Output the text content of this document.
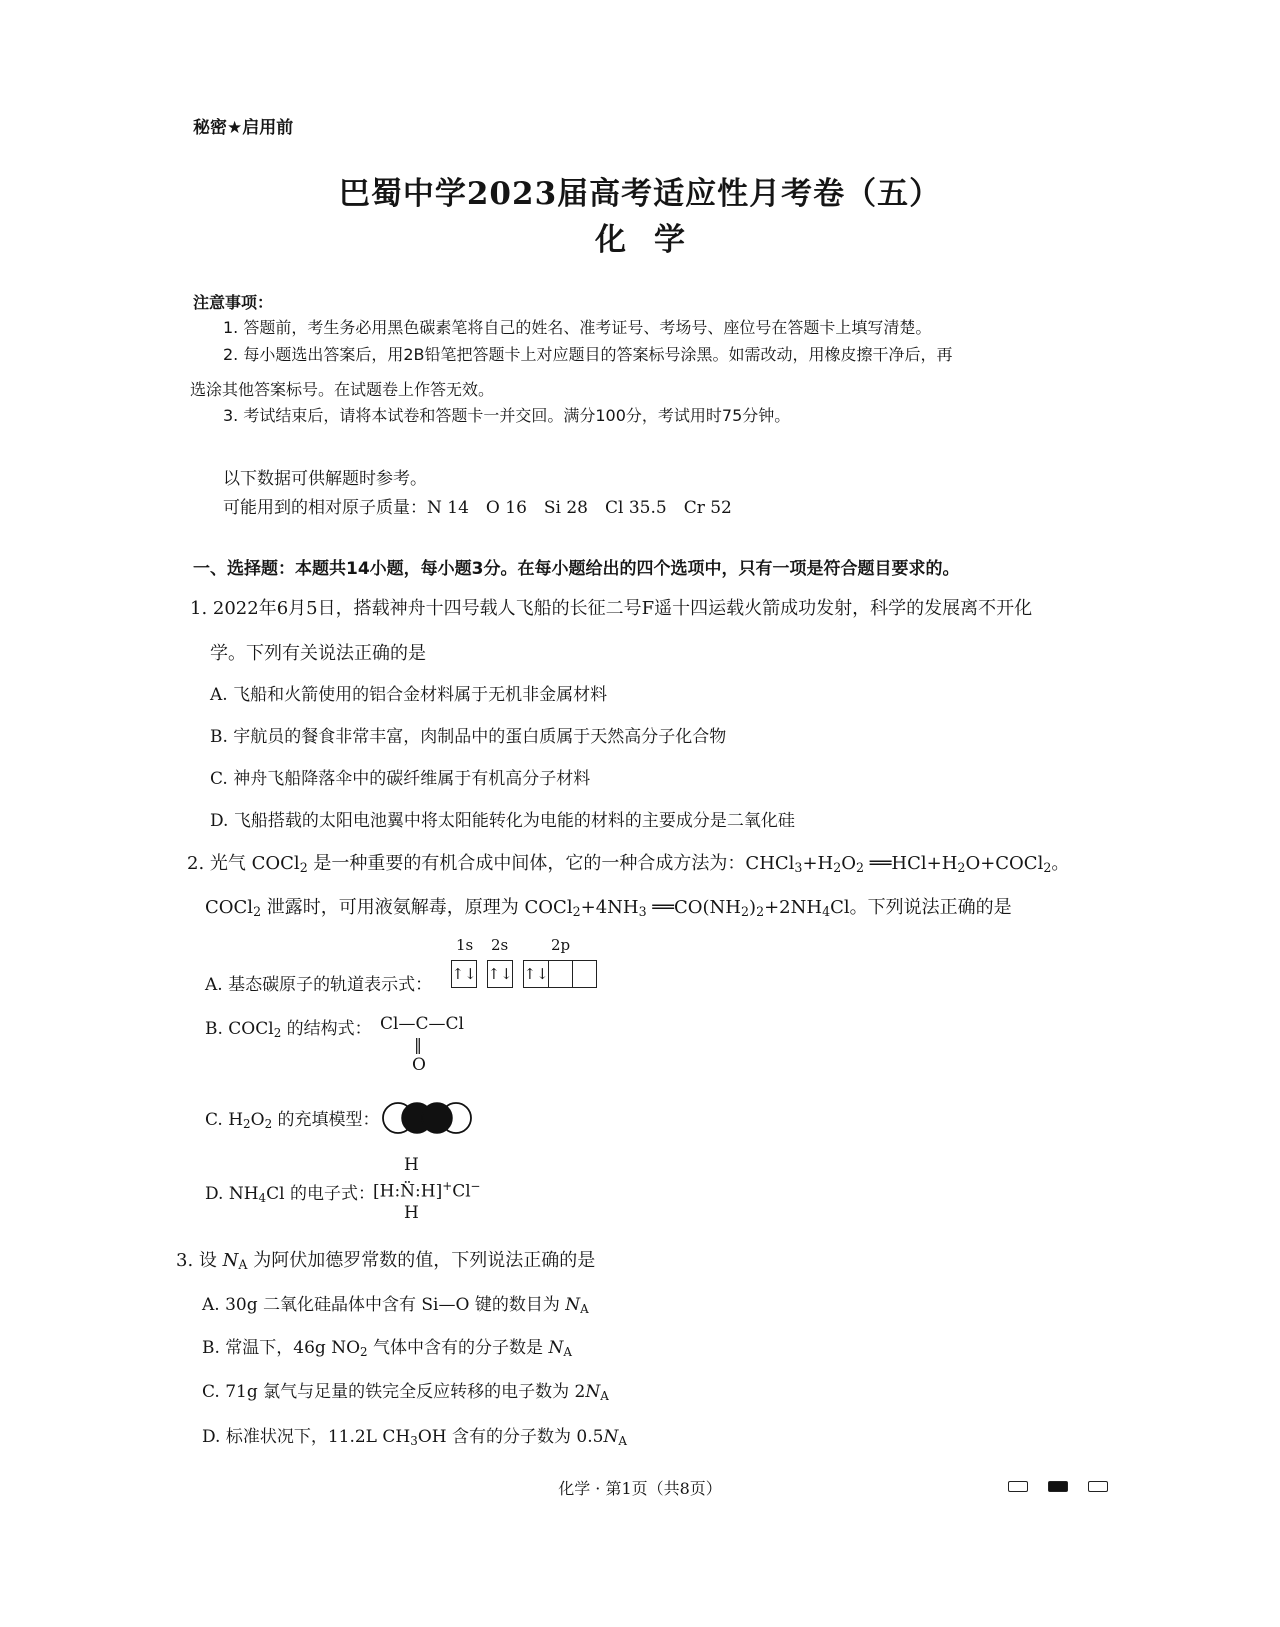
秘密★启用前
巴蜀中学2023届高考适应性月考卷（五）
化学
注意事项：
1. 答题前，考生务必用黑色碳素笔将自己的姓名、准考证号、考场号、座位号在答题卡上填写清楚。
2. 每小题选出答案后，用2B铅笔把答题卡上对应题目的答案标号涂黑。如需改动，用橡皮擦干净后，再
选涂其他答案标号。在试题卷上作答无效。
3. 考试结束后，请将本试卷和答题卡一并交回。满分100分，考试用时75分钟。
以下数据可供解题时参考。
可能用到的相对原子质量：N 14　O 16　Si 28　Cl 35.5　Cr 52
一、选择题：本题共14小题，每小题3分。在每小题给出的四个选项中，只有一项是符合题目要求的。
1. 2022年6月5日，搭载神舟十四号载人飞船的长征二号F遥十四运载火箭成功发射，科学的发展离不开化
学。下列有关说法正确的是
A. 飞船和火箭使用的铝合金材料属于无机非金属材料
B. 宇航员的餐食非常丰富，肉制品中的蛋白质属于天然高分子化合物
C. 神舟飞船降落伞中的碳纤维属于有机高分子材料
D. 飞船搭载的太阳电池翼中将太阳能转化为电能的材料的主要成分是二氧化硅
2. 光气 COCl$_2$ 是一种重要的有机合成中间体，它的一种合成方法为：$CHCl_3+H_2O_2$ $══HCl+H_2O+COCl_2$。
COCl$_2$ 泄露时，可用液氨解毒，原理为 $COCl_2+4NH_3$ $══CO(NH_2)_2+2NH_4Cl$。下列说法正确的是
A. 基态碳原子的轨道表示式：
1s 2s	2p
↑↓ ↑↓ ↑↓
B. COCl$_2$ 的结构式： Cl—C—Cl
‖
O
C. $H_2O_2$ 的充填模型：
D. $NH_4Cl$ 的电子式：
H
[H:N̈:H]+Cl−
H
3. 设 $N_A$ 为阿伏加德罗常数的值，下列说法正确的是
A. 30g 二氧化硅晶体中含有 Si—O 键的数目为 $N_A$
B. 常温下，46g $NO_2$ 气体中含有的分子数是 $N_A$
C. 71g 氯气与足量的铁完全反应转移的电子数为 $2N_A$
D. 标准状况下，11.2L $CH_3OH$ 含有的分子数为 $0.5N_A$
化学 · 第1页（共8页）
